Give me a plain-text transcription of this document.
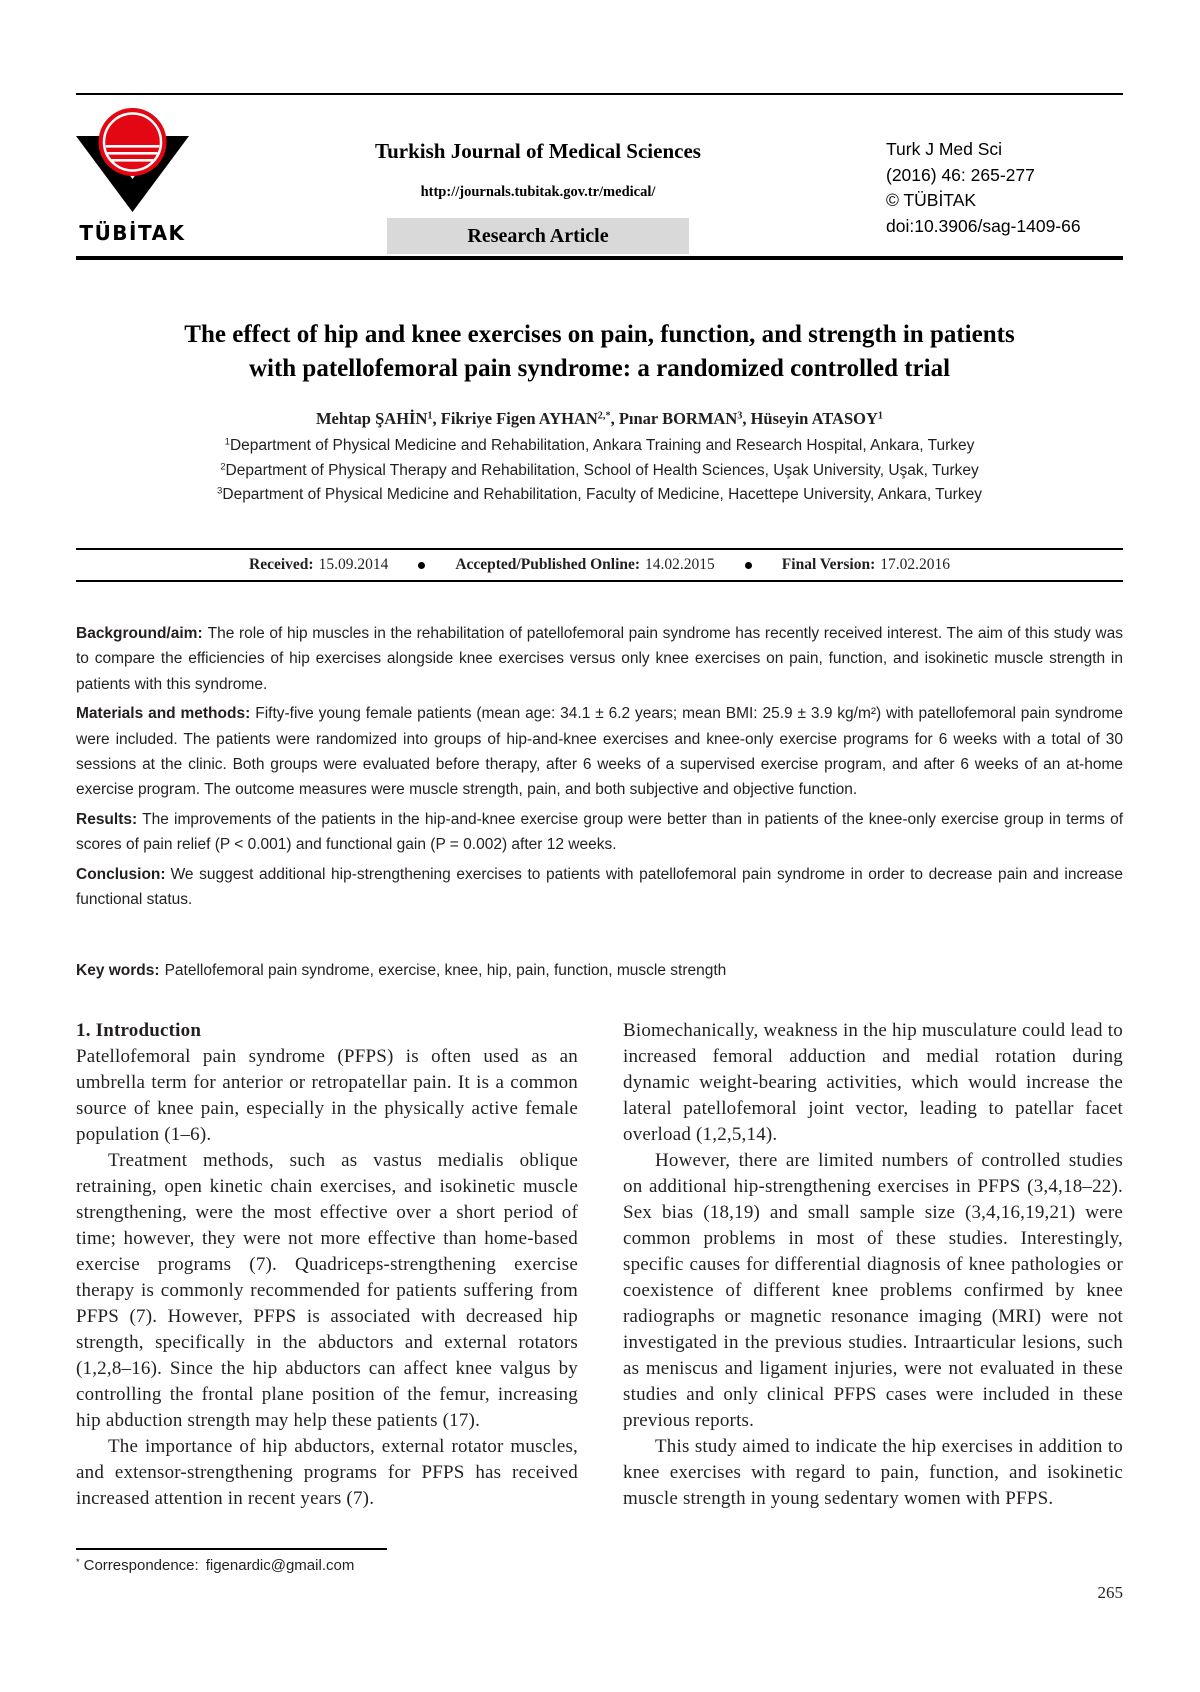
TÜBİTAK
Turkish Journal of Medical Sciences
http://journals.tubitak.gov.tr/medical/
Research Article
Turk J Med Sci
(2016) 46: 265-277
© TÜBİTAK
doi:10.3906/sag-1409-66
The effect of hip and knee exercises on pain, function, and strength in patients
with patellofemoral pain syndrome: a randomized controlled trial
Mehtap ŞAHİN$^1$, Fikriye Figen $AYHAN^{2,*}$, Pınar BORMAN$^3$, Hüseyin ATASOY$^1$
$^1$Department of Physical Medicine and Rehabilitation, Ankara Training and Research Hospital, Ankara, Turkey
$^2$Department of Physical Therapy and Rehabilitation, School of Health Sciences, Uşak University, Uşak, Turkey
$^3$Department of Physical Medicine and Rehabilitation, Faculty of Medicine, Hacettepe University, Ankara, Turkey
Received: 15.09.2014	Accepted/Published Online: 14.02.2015	Final Version: 17.02.2016

Background/aim: The role of hip muscles in the rehabilitation of patellofemoral pain syndrome has recently received interest. The aim of this study was to compare the efficiencies of hip exercises alongside knee exercises versus only knee exercises on pain, function, and isokinetic muscle strength in patients with this syndrome.

Materials and methods: Fifty-five young female patients (mean age: 34.1 ± 6.2 years; mean BMI: 25.9 ± 3.9 kg/m²) with patellofemoral pain syndrome were included. The patients were randomized into groups of hip-and-knee exercises and knee-only exercise programs for 6 weeks with a total of 30 sessions at the clinic. Both groups were evaluated before therapy, after 6 weeks of a supervised exercise program, and after 6 weeks of an at-home exercise program. The outcome measures were muscle strength, pain, and both subjective and objective function.

Results: The improvements of the patients in the hip-and-knee exercise group were better than in patients of the knee-only exercise group in terms of scores of pain relief (P < 0.001) and functional gain (P = 0.002) after 12 weeks.

Conclusion: We suggest additional hip-strengthening exercises to patients with patellofemoral pain syndrome in order to decrease pain and increase functional status.

Key words: Patellofemoral pain syndrome, exercise, knee, hip, pain, function, muscle strength
1. Introduction

Patellofemoral pain syndrome (PFPS) is often used as an umbrella term for anterior or retropatellar pain. It is a common source of knee pain, especially in the physically active female population (1–6).

Treatment methods, such as vastus medialis oblique retraining, open kinetic chain exercises, and isokinetic muscle strengthening, were the most effective over a short period of time; however, they were not more effective than home-based exercise programs (7). Quadriceps-strengthening exercise therapy is commonly recommended for patients suffering from PFPS (7). However, PFPS is associated with decreased hip strength, specifically in the abductors and external rotators (1,2,8–16). Since the hip abductors can affect knee valgus by controlling the frontal plane position of the femur, increasing hip abduction strength may help these patients (17).

The importance of hip abductors, external rotator muscles, and extensor-strengthening programs for PFPS has received increased attention in recent years (7).

Biomechanically, weakness in the hip musculature could lead to increased femoral adduction and medial rotation during dynamic weight-bearing activities, which would increase the lateral patellofemoral joint vector, leading to patellar facet overload (1,2,5,14).

However, there are limited numbers of controlled studies on additional hip-strengthening exercises in PFPS (3,4,18–22). Sex bias (18,19) and small sample size (3,4,16,19,21) were common problems in most of these studies. Interestingly, specific causes for differential diagnosis of knee pathologies or coexistence of different knee problems confirmed by knee radiographs or magnetic resonance imaging (MRI) were not investigated in the previous studies. Intraarticular lesions, such as meniscus and ligament injuries, were not evaluated in these studies and only clinical PFPS cases were included in these previous reports.

This study aimed to indicate the hip exercises in addition to knee exercises with regard to pain, function, and isokinetic muscle strength in young sedentary women with PFPS.

* Correspondence: figenardic@gmail.com
265
